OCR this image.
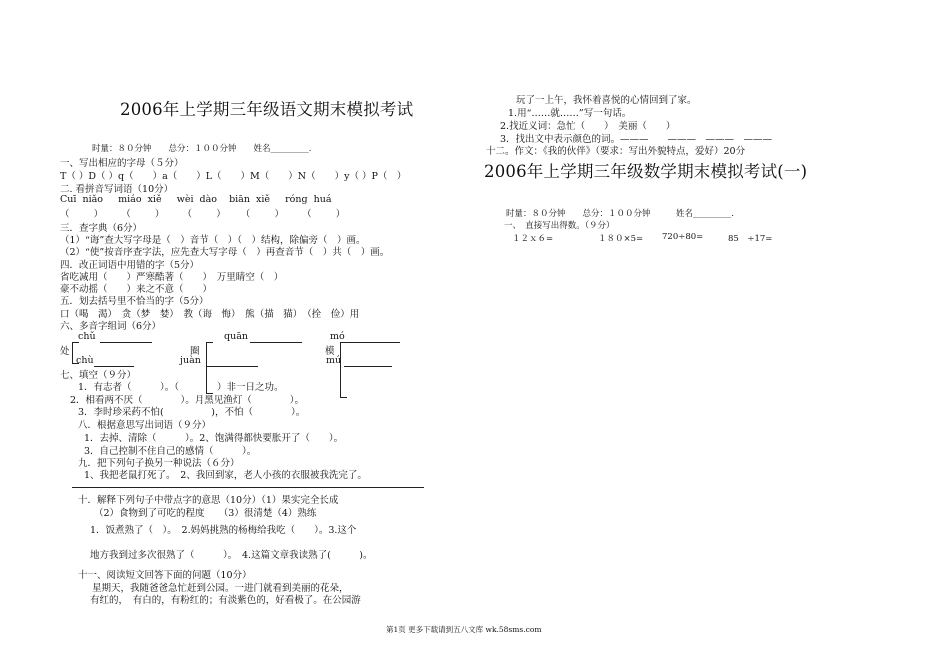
2006年上学期三年级语文期末模拟考试
时量：８０分钟　　总分：１００分钟　　姓名_________.
一、写出相应的字母（５分）
T（ ）D（ ）q（　　）a（　　）L（　　）M（　　）N（　　）y（ ）P（　）
二. 看拼音写词语（10分）
Cuī  niǎo     miáo  xiě     wèi  dào    biān  xiě     róng  huá
（        ）      （        ）      （        ）     （        ）      （        ）
三．查字典（6分）
（1）“诲”查大写字母是（　）音节（　）（　）结构，除偏旁（　）画。
（2）“使”按音序查字法，应先查大写字母（　）再查音节（　）共（　）画。
四．改正词语中用错的字（5分）
省吃减用（　　）严寒酷著（　　）　万里睛空（　）
豪不动摇（　　）来之不意（　　）
五．划去括号里不恰当的字（5分）
口（喝　渴）　贪（梦　婪）　教（诲　悔）　熊（描　猫）　（拴　俭）用
六、多音字组词（6分）
chǔ	quān	mó
处	圈	模
chù	juàn	mú
七、填空（９分）
1．有志者（　　　）。（　　　　）非一日之功。
2．相看两不厌（　　　　）。月黑见渔灯（　　　　）。
3．李时珍采药不怕(　　　　　)，不怕（　　　　）。
八．根据意思写出词语（９分）
1．去掉、清除（　　　）。2、饱满得都快要胀开了（　　）。
3．自己控制不住自己的感情（　　　）。
九．把下列句子换另一种说法（６分）
1、我把老鼠打死了。　2、我回到家，老人小孩的衣服被我洗完了。
十．解释下列句子中带点字的意思（10分）（1）果实完全长成
（2）食物到了可吃的程度　　（3）很清楚（4）熟练
1．饭煮熟了（　）。　2.妈妈挑熟的杨梅给我吃（　　）。3.这个
地方我到过多次很熟了（　　　）。　4.这篇文章我读熟了(　　　)。
十一、阅读短文回答下面的问题（10分）
星期天，我随爸爸急忙赶到公园。一进门就看到美丽的花朵，
有红的，　有白的，有粉红的；有淡紫色的，好看极了。在公园游
玩了一上午，我怀着喜悦的心情回到了家。
1.用“……就……”写一句话。
2.找近义词：急忙（　　）　美丽（　　）
3．找出文中表示颜色的词。———　　———　———　———
十二。作文：《我的伙伴》（要求：写出外貌特点，爱好）20分
2006年上学期三年级数学期末模拟考试(一)
时量：８０分钟　　总分：１００分钟　　　姓名_________.
一、　直接写出得数。（９分）
１２ｘ６=	１８０×5= 720÷80=	85　÷17=
第1页 更多下载请到五八文库 wk.58sms.com
